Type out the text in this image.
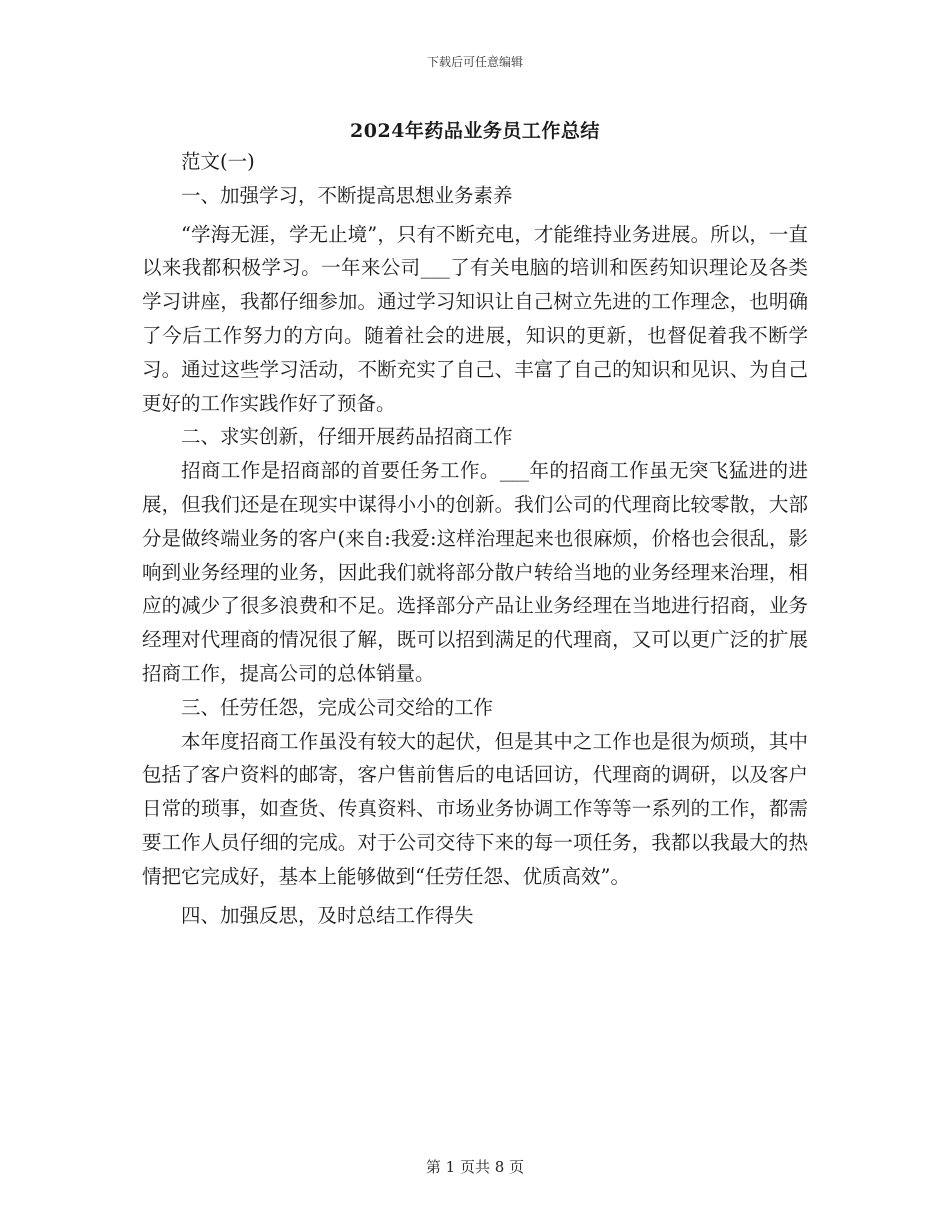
下载后可任意编辑
2024年药品业务员工作总结

范文(一)

一、加强学习，不断提高思想业务素养

“学海无涯，学无止境”，只有不断充电，才能维持业务进展。所以，一直以来我都积极学习。一年来公司___了有关电脑的培训和医药知识理论及各类学习讲座，我都仔细参加。通过学习知识让自己树立先进的工作理念，也明确了今后工作努力的方向。随着社会的进展，知识的更新，也督促着我不断学习。通过这些学习活动，不断充实了自己、丰富了自己的知识和见识、为自己更好的工作实践作好了预备。

二、求实创新，仔细开展药品招商工作

招商工作是招商部的首要任务工作。___年的招商工作虽无突飞猛进的进展，但我们还是在现实中谋得小小的创新。我们公司的代理商比较零散，大部分是做终端业务的客户(来自:我爱:这样治理起来也很麻烦，价格也会很乱，影响到业务经理的业务，因此我们就将部分散户转给当地的业务经理来治理，相应的减少了很多浪费和不足。选择部分产品让业务经理在当地进行招商，业务经理对代理商的情况很了解，既可以招到满足的代理商，又可以更广泛的扩展招商工作，提高公司的总体销量。

三、任劳任怨，完成公司交给的工作

本年度招商工作虽没有较大的起伏，但是其中之工作也是很为烦琐，其中包括了客户资料的邮寄，客户售前售后的电话回访，代理商的调研，以及客户日常的琐事，如查货、传真资料、市场业务协调工作等等一系列的工作，都需要工作人员仔细的完成。对于公司交待下来的每一项任务，我都以我最大的热情把它完成好，基本上能够做到“任劳任怨、优质高效”。

四、加强反思，及时总结工作得失

第 1 页共 8 页
